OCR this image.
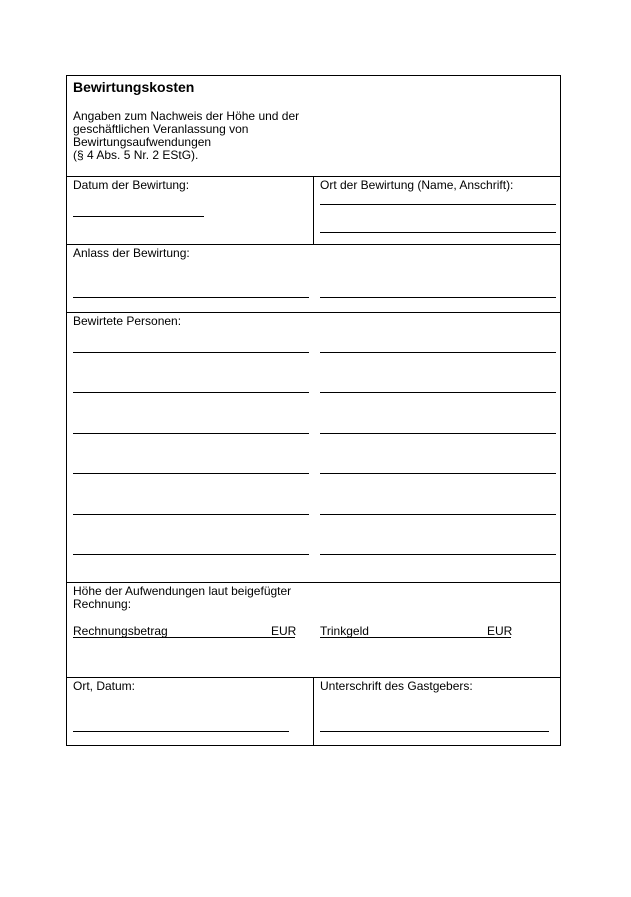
Bewirtungskosten
Angaben zum Nachweis der Höhe und der
geschäftlichen Veranlassung von
Bewirtungsaufwendungen
(§ 4 Abs. 5 Nr. 2 EStG).
Datum der Bewirtung:	Ort der Bewirtung (Name, Anschrift):
Anlass der Bewirtung:
Bewirtete Personen:
Höhe der Aufwendungen laut beigefügter
Rechnung:
Rechnungsbetrag	EUR Trinkgeld	EUR
Ort, Datum:	Unterschrift des Gastgebers:
